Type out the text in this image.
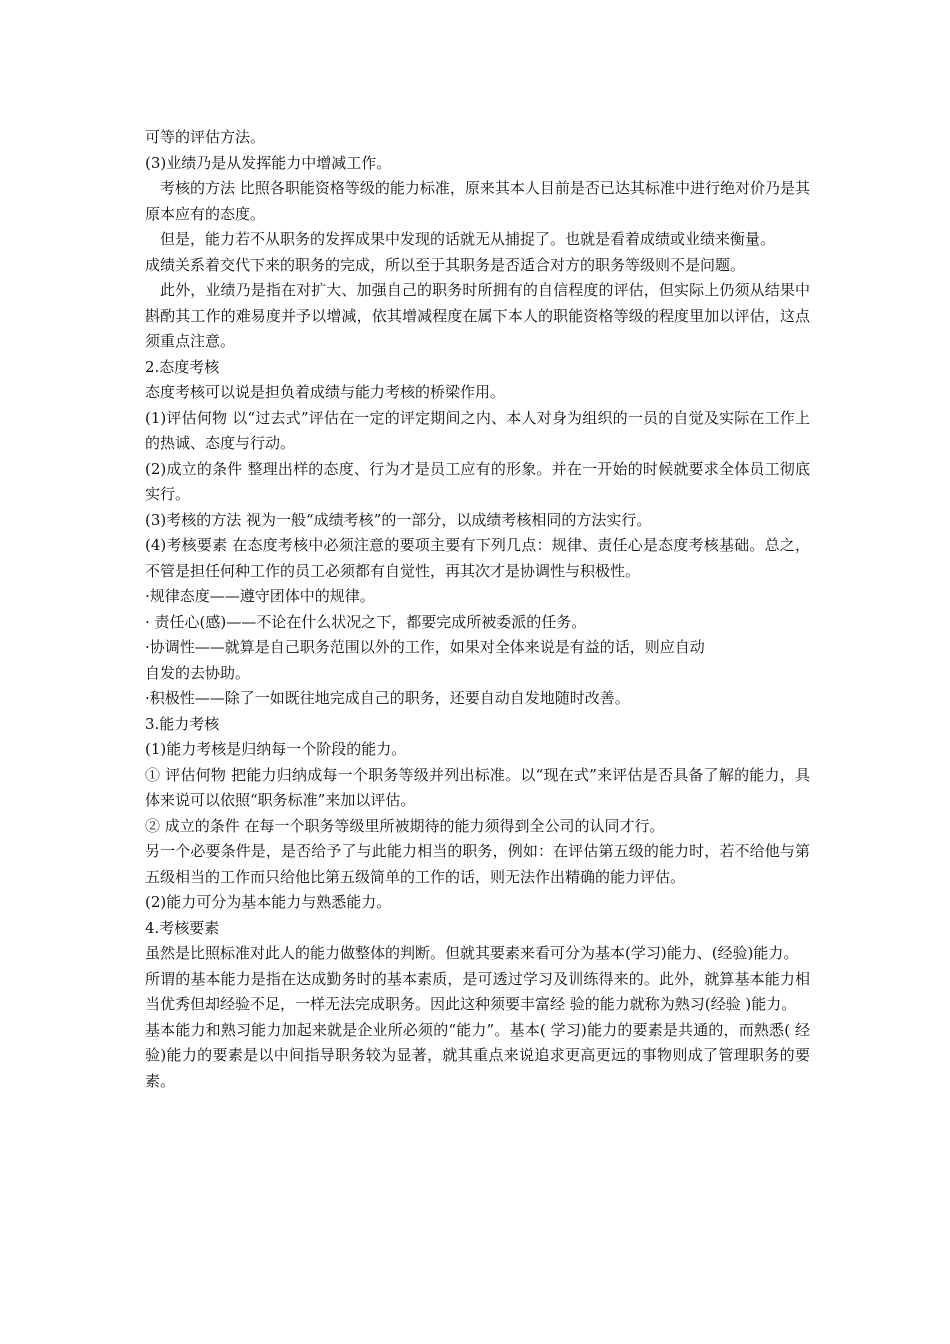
可等的评估方法。

(3)业绩乃是从发挥能力中增减工作。

考核的方法 比照各职能资格等级的能力标准，原来其本人目前是否已达其标准中进行绝对价乃是其原本应有的态度。

但是，能力若不从职务的发挥成果中发现的话就无从捕捉了。也就是看着成绩或业绩来衡量。

成绩关系着交代下来的职务的完成，所以至于其职务是否适合对方的职务等级则不是问题。

此外，业绩乃是指在对扩大、加强自己的职务时所拥有的自信程度的评估，但实际上仍须从结果中斟酌其工作的难易度并予以增减，依其增减程度在属下本人的职能资格等级的程度里加以评估，这点须重点注意。

2.态度考核

态度考核可以说是担负着成绩与能力考核的桥梁作用。

(1)评估何物 以“过去式”评估在一定的评定期间之内、本人对身为组织的一员的自觉及实际在工作上的热诚、态度与行动。

(2)成立的条件 整理出样的态度、行为才是员工应有的形象。并在一开始的时候就要求全体员工彻底实行。

(3)考核的方法 视为一般“成绩考核”的一部分，以成绩考核相同的方法实行。

(4)考核要素 在态度考核中必须注意的要项主要有下列几点：规律、责任心是态度考核基础。总之，不管是担任何种工作的员工必须都有自觉性，再其次才是协调性与积极性。

·规律态度——遵守团体中的规律。

· 责任心(感)——不论在什么状况之下，都要完成所被委派的任务。

·协调性——就算是自己职务范围以外的工作，如果对全体来说是有益的话，则应自动

自发的去协助。

·积极性——除了一如既往地完成自己的职务，还要自动自发地随时改善。

3.能力考核

(1)能力考核是归纳每一个阶段的能力。

① 评估何物 把能力归纳成每一个职务等级并列出标准。以“现在式”来评估是否具备了解的能力，具体来说可以依照“职务标准”来加以评估。

② 成立的条件 在每一个职务等级里所被期待的能力须得到全公司的认同才行。

另一个必要条件是，是否给予了与此能力相当的职务，例如：在评估第五级的能力时，若不给他与第五级相当的工作而只给他比第五级简单的工作的话，则无法作出精确的能力评估。

(2)能力可分为基本能力与熟悉能力。

4.考核要素

虽然是比照标准对此人的能力做整体的判断。但就其要素来看可分为基本(学习)能力、(经验)能力。

所谓的基本能力是指在达成勤务时的基本素质，是可透过学习及训练得来的。此外，就算基本能力相当优秀但却经验不足，一样无法完成职务。因此这种须要丰富经 验的能力就称为熟习(经验 )能力。

基本能力和熟习能力加起来就是企业所必须的“能力”。基本( 学习)能力的要素是共通的，而熟悉( 经验)能力的要素是以中间指导职务较为显著，就其重点来说追求更高更远的事物则成了管理职务的要素。
